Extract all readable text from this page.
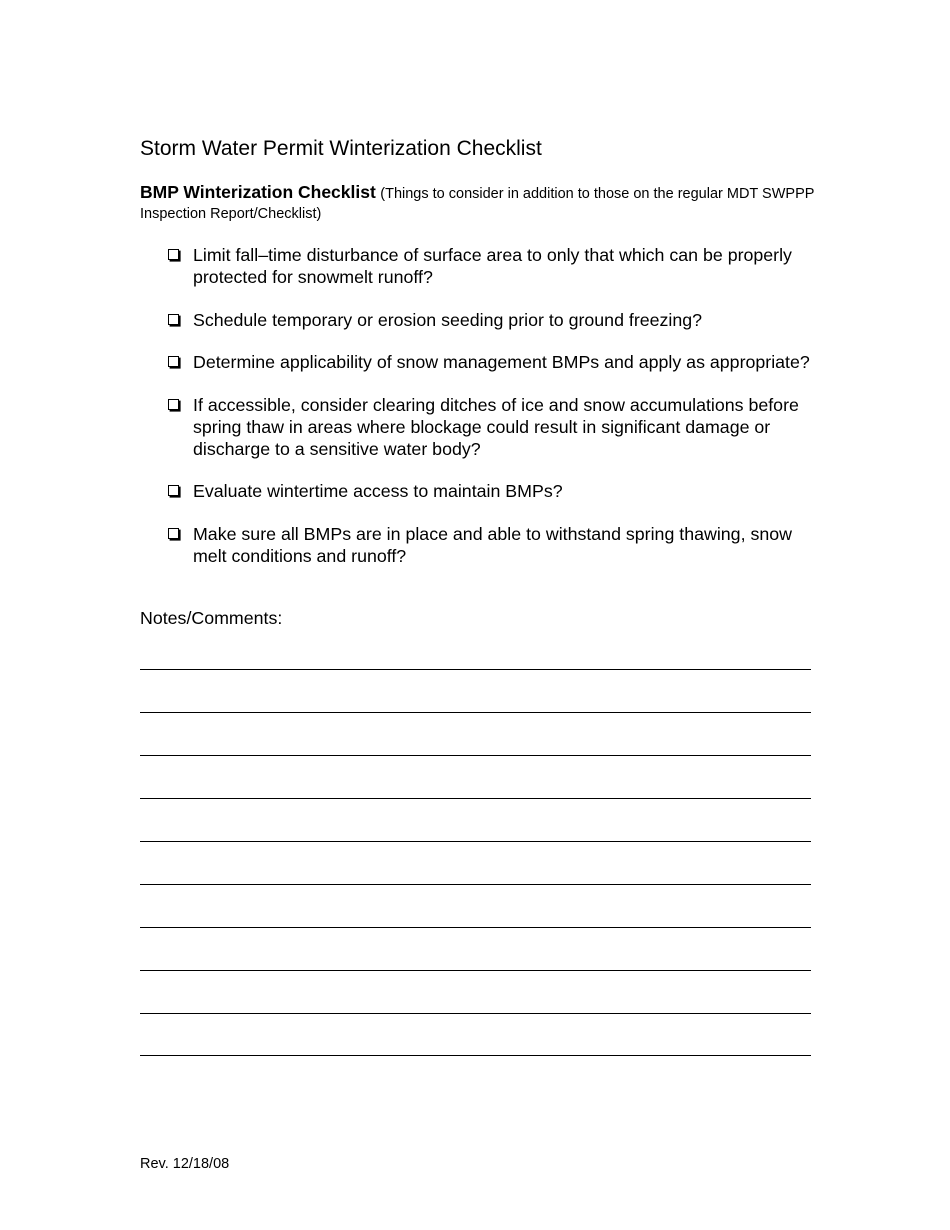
Storm Water Permit Winterization Checklist
BMP Winterization Checklist (Things to consider in addition to those on the regular MDT SWPPP Inspection Report/Checklist)
Limit fall–time disturbance of surface area to only that which can be properly protected for snowmelt runoff?
Schedule temporary or erosion seeding prior to ground freezing?
Determine applicability of snow management BMPs and apply as appropriate?
If accessible, consider clearing ditches of ice and snow accumulations before spring thaw in areas where blockage could result in significant damage or discharge to a sensitive water body?
Evaluate wintertime access to maintain BMPs?
Make sure all BMPs are in place and able to withstand spring thawing, snow melt conditions and runoff?
Notes/Comments:
Rev. 12/18/08
